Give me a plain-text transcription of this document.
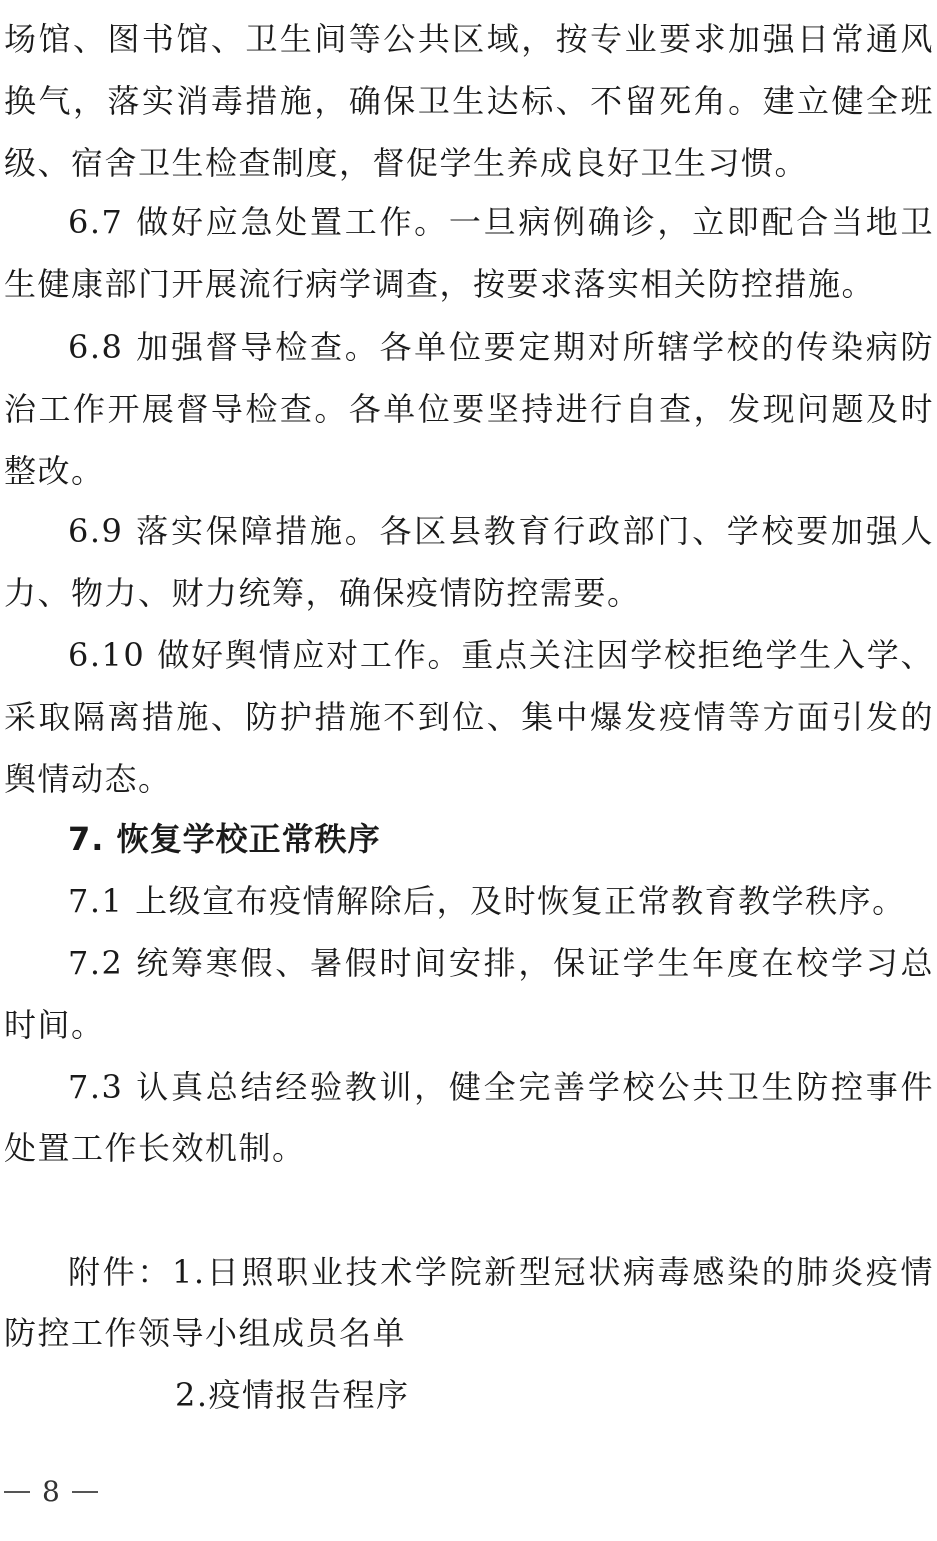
场馆、图书馆、卫生间等公共区域，按专业要求加强日常通风
换气，落实消毒措施，确保卫生达标、不留死角。建立健全班
级、宿舍卫生检查制度，督促学生养成良好卫生习惯。
6.7 做好应急处置工作。一旦病例确诊，立即配合当地卫
生健康部门开展流行病学调查，按要求落实相关防控措施。
6.8 加强督导检查。各单位要定期对所辖学校的传染病防
治工作开展督导检查。各单位要坚持进行自查，发现问题及时
整改。
6.9 落实保障措施。各区县教育行政部门、学校要加强人
力、物力、财力统筹，确保疫情防控需要。
6.10 做好舆情应对工作。重点关注因学校拒绝学生入学、
采取隔离措施、防护措施不到位、集中爆发疫情等方面引发的
舆情动态。
7. 恢复学校正常秩序
7.1 上级宣布疫情解除后，及时恢复正常教育教学秩序。
7.2 统筹寒假、暑假时间安排，保证学生年度在校学习总
时间。
7.3 认真总结经验教训，健全完善学校公共卫生防控事件
处置工作长效机制。
附件：1.日照职业技术学院新型冠状病毒感染的肺炎疫情
防控工作领导小组成员名单
2.疫情报告程序
8
